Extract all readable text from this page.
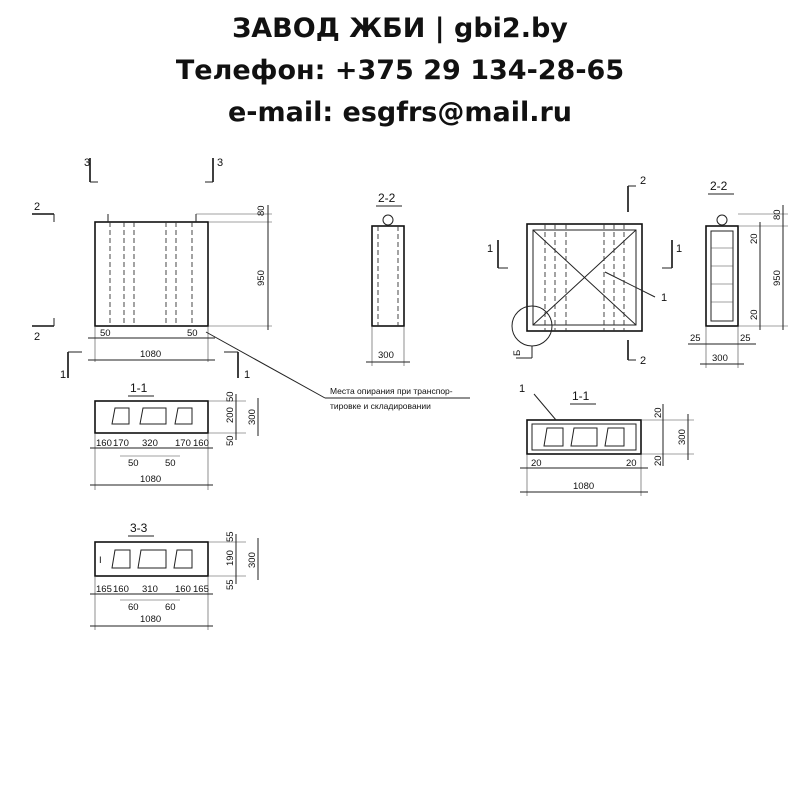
ЗАВОД ЖБИ | gbi2.by
Телефон: +375 29 134-28-65
e-mail: esgfrs@mail.ru
3	3
2
2
1	1
80
950
50	50
1080
Места опирания при транспор-
тировке и складировании
2-2
300
1-1
50
200
50
300
160 170 320 170 160
50	50
1080
3-3
I
55
190
55
300
165 160 310 160 165
60	60
1080
2
2
1	1
1
Б
2-2
80
20
950
20
25	25
300
1-1
1
20
300
20
20	20
1080
